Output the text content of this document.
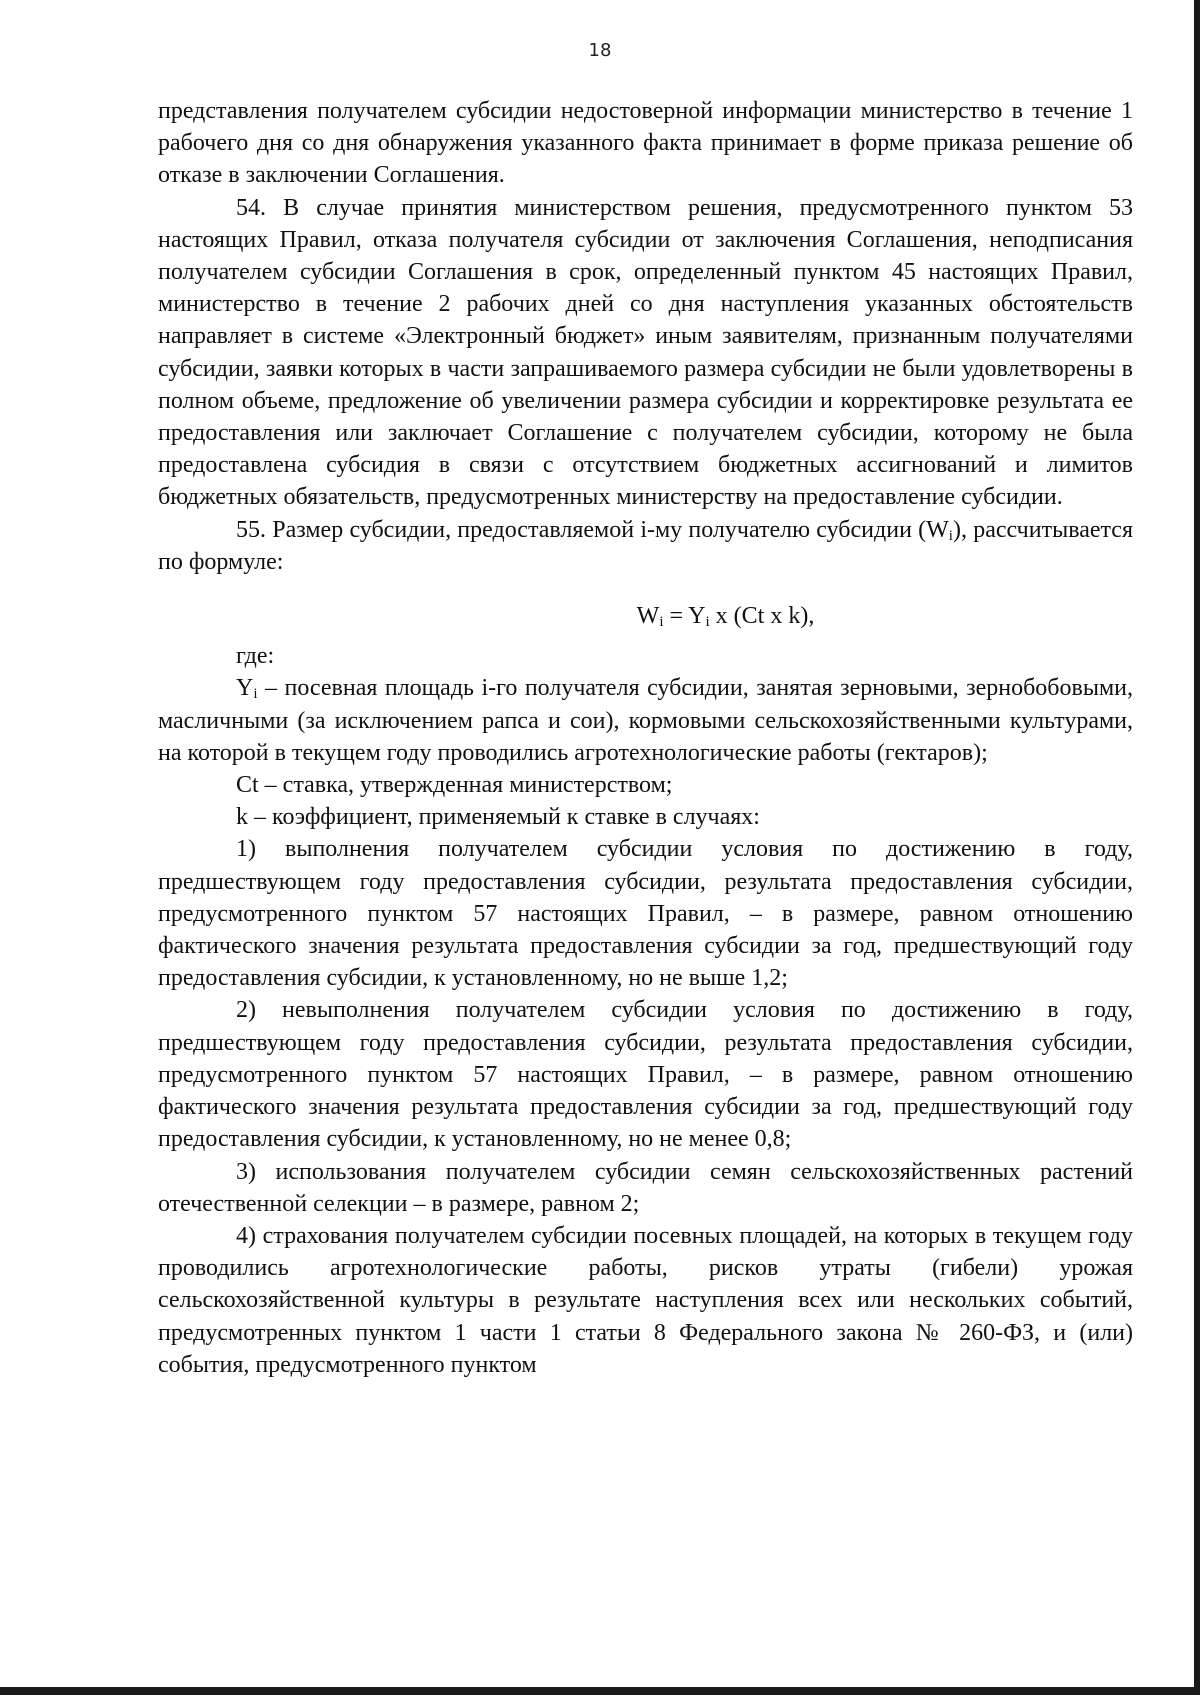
18

представления получателем субсидии недостоверной информации министерство в течение 1 рабочего дня со дня обнаружения указанного факта принимает в форме приказа решение об отказе в заключении Соглашения.

54. В случае принятия министерством решения, предусмотренного пунктом 53 настоящих Правил, отказа получателя субсидии от заключения Соглашения, неподписания получателем субсидии Соглашения в срок, определенный пунктом 45 настоящих Правил, министерство в течение 2 рабочих дней со дня наступления указанных обстоятельств направляет в системе «Электронный бюджет» иным заявителям, признанным получателями субсидии, заявки которых в части запрашиваемого размера субсидии не были удовлетворены в полном объеме, предложение об увеличении размера субсидии и корректировке результата ее предоставления или заключает Соглашение с получателем субсидии, которому не была предоставлена субсидия в связи с отсутствием бюджетных ассигнований и лимитов бюджетных обязательств, предусмотренных министерству на предоставление субсидии.

55. Размер субсидии, предоставляемой i-му получателю субсидии $(W_i)$, рассчитывается по формуле:

$W_i = Y_i$ x (Ct x k),

где:

$Y_i$ – посевная площадь i-го получателя субсидии, занятая зерновыми, зернобобовыми, масличными (за исключением рапса и сои), кормовыми сельскохозяйственными культурами, на которой в текущем году проводились агротехнологические работы (гектаров);

Ct – ставка, утвержденная министерством;

k – коэффициент, применяемый к ставке в случаях:

1) выполнения получателем субсидии условия по достижению в году, предшествующем году предоставления субсидии, результата предоставления субсидии, предусмотренного пунктом 57 настоящих Правил, – в размере, равном отношению фактического значения результата предоставления субсидии за год, предшествующий году предоставления субсидии, к установленному, но не выше 1,2;

2) невыполнения получателем субсидии условия по достижению в году, предшествующем году предоставления субсидии, результата предоставления субсидии, предусмотренного пунктом 57 настоящих Правил, – в размере, равном отношению фактического значения результата предоставления субсидии за год, предшествующий году предоставления субсидии, к установленному, но не менее 0,8;

3) использования получателем субсидии семян сельскохозяйственных растений отечественной селекции – в размере, равном 2;

4) страхования получателем субсидии посевных площадей, на которых в текущем году проводились агротехнологические работы, рисков утраты (гибели) урожая сельскохозяйственной культуры в результате наступления всех или нескольких событий, предусмотренных пунктом 1 части 1 статьи 8 Федерального закона № 260-ФЗ, и (или) события, предусмотренного пунктом
